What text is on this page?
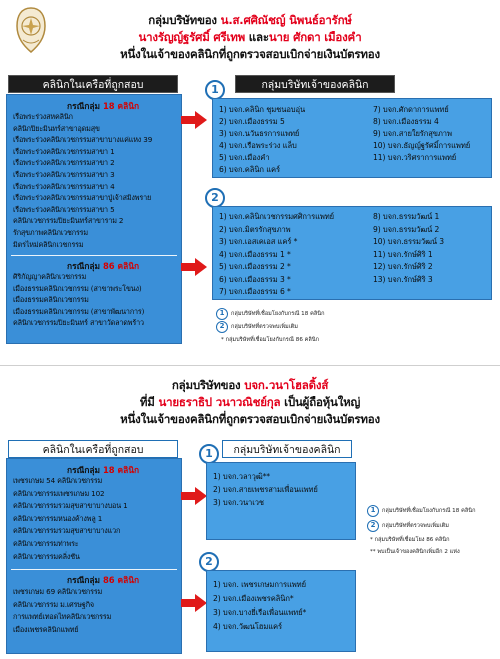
กลุ่มบริษัทของ น.ส.ศศิณัชญ์ นิพนธ์อารักษ์
นางรัญญ์ฐรัศมิ์ ศรีเทพ และนาย ศักดา เมืองคำ
หนึ่งในเจ้าของคลินิกที่ถูกตรวจสอบเบิกจ่ายเงินบัตรทอง
คลินิกในเครือที่ถูกสอบ	กลุ่มบริษัทเจ้าของคลินิก
กรณีกลุ่ม 18 คลินิก
เรือพระร่วงสหคลินิก
คลินิกปิยะมินทร์สาขาอุดมสุข
เรือพระร่วงคลินิกเวชกรรมสาขาบางแค่แหง 39
เรือพระร่วงคลินิกเวชกรรมสาขา 1
เรือพระร่วงคลินิกเวชกรรมสาขา 2
เรือพระร่วงคลินิกเวชกรรมสาขา 3
เรือพระร่วงคลินิกเวชกรรมสาขา 4
เรือพระร่วงคลินิกเวชกรรมสาขาปู่เจ้าสมิงพราย
เรือพระร่วงคลินิกเวชกรรมสาขา 5
คลินิกเวชกรรมปิยะมินทร์สาขาราม 2
รักสุขภาพคลินิกเวชกรรม
มิตรไหม่คลินิกเวชกรรม
กรณีกลุ่ม 86 คลินิก
ศิริกัญญาคลินิกเวชกรรม
เมืองธรรมคลินิกเวชกรรม (สาขาพระโขนง)
เมืองธรรมคลินิกเวชกรรม
เมืองธรรมคลินิกเวชกรรม (สาขาพัฒนาการ)
คลินิกเวชกรรมปิยะมินทร์ สาขาวัดลาดพร้าว
1
1) บจก.คลินิก ชุมชนอบอุ่น
2) บจก.เมืองธรรม 5
3) บจก.นวันธรการแพทย์
4) บจก.เรือพระร่วง แล็บ
5) บจก.เมืองคำ
6) บจก.คลินิก แคร์
7) บจก.ศักดาการแพทย์
8) บจก.เมืองธรรม 4
9) บจก.สายใยรักสุขภาพ
10) บจก.ธัญญ์ฐรัศมิ์การแพทย์
11) บจก.วริศราการแพทย์
2
1) บจก.คลินิกเวชกรรมศศิการแพทย์
2) บจก.มิตรรักสุขภาพ
3) บจก.เอสเคเอส แคร์ *
4) บจก.เมืองธรรม 1 *
5) บจก.เมืองธรรม 2 *
6) บจก.เมืองธรรม 3 *
7) บจก.เมืองธรรม 6 *
8) บจก.ธรรมวัฒน์ 1
9) บจก.ธรรมวัฒน์ 2
10) บจก.ธรรมวัฒน์ 3
11) บจก.รักษ์ศิริ 1
12) บจก.รักษ์ศิริ 2
13) บจก.รักษ์ศิริ 3
1	กลุ่มบริษัทที่เชื่อมโยงกับกรณี 18 คลินิก
2	กลุ่มบริษัทที่ตรวจพบเพิ่มเติม
* กลุ่มบริษัทที่เชื่อมโยงกับกรณี 86 คลินิก
กลุ่มบริษัทของ บจก.วนาโฮลดิ้งส์
ที่มี นายธราธิป วนาวณิชย์กุล เป็นผู้ถือหุ้นใหญ่
หนึ่งในเจ้าของคลินิกที่ถูกตรวจสอบเบิกจ่ายเงินบัตรทอง
คลินิกในเครือที่ถูกสอบ	กลุ่มบริษัทเจ้าของคลินิก
กรณีกลุ่ม 18 คลินิก
เพชรเกษม 54 คลินิกเวชกรรม
คลินิกเวชกรรมเพชรเกษม 102
คลินิกเวชกรรมรวมสุขสาขาบางบอน 1
คลินิกเวชกรรมหนองค้างพลู 1
คลินิกเวชกรรมรวมสุขสาขาบางแวก
คลินิกเวชกรรมท่าพระ
คลินิกเวชกรรมคลิ่งชัน
กรณีกลุ่ม 86 คลินิก
เพชรเกษม 69 คลินิกเวชกรรม
คลินิกเวชกรรม ม.เศรษฐกิจ
การแพทย์เทอดไทคลินิกเวชกรรม
เมืองเพชรคลินิกแพทย์
1
1) บจก.วลาวุฒิ**
2) บจก.สายเพชรสามเพื่อนแพทย์
3) บจก.วนาเวช
2
1) บจก. เพชรเกษมการแพทย์
2) บจก.เมืองเพชรคลินิก*
3) บจก.บางยี่เรือเพื่อนแพทย์*
4) บจก.วัฒนโฮมแคร์
1	กลุ่มบริษัทที่เชื่อมโยงกับกรณี 18 คลินิก
2	กลุ่มบริษัทที่ตรวจพบเพิ่มเติม
* กลุ่มบริษัทที่เชื่อมโยง 86 คลินิก
** พบเป็นเจ้าของคลินิกเพิ่มอีก 2 แห่ง
